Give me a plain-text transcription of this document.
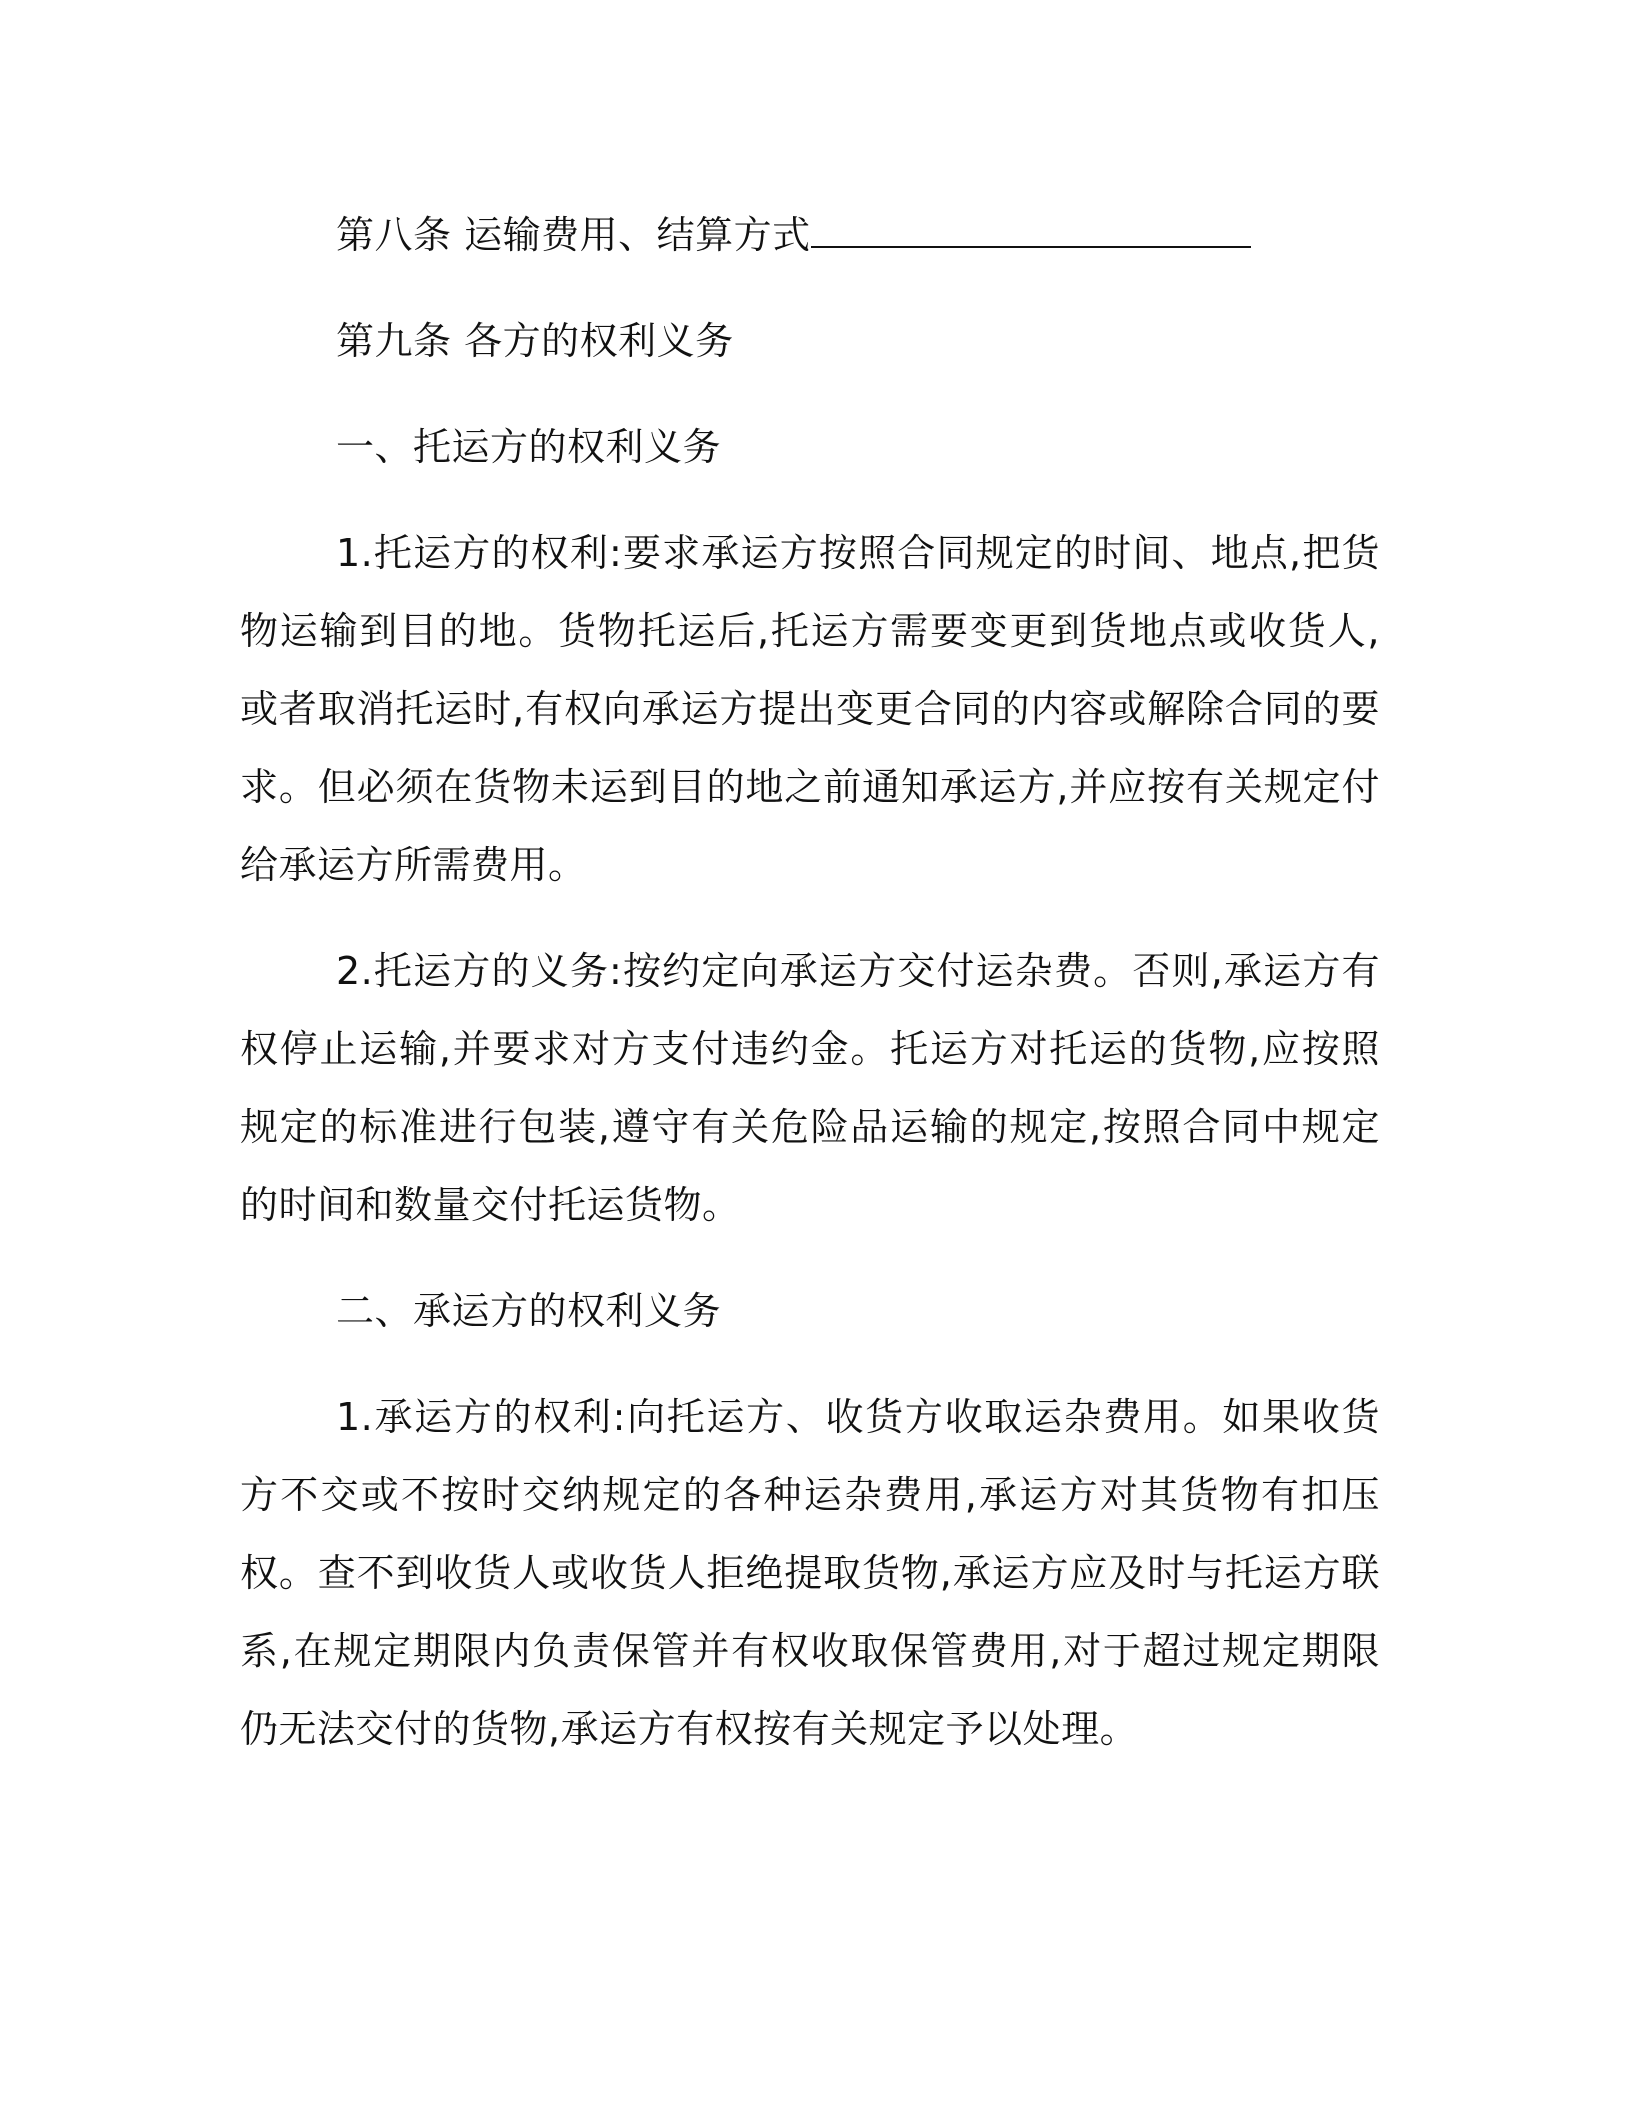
第八条 运输费用、结算方式

第九条 各方的权利义务

一、托运方的权利义务

1.托运方的权利:要求承运方按照合同规定的时间、地点,把货物运输到目的地。货物托运后,托运方需要变更到货地点或收货人,或者取消托运时,有权向承运方提出变更合同的内容或解除合同的要求。但必须在货物未运到目的地之前通知承运方,并应按有关规定付给承运方所需费用。

2.托运方的义务:按约定向承运方交付运杂费。否则,承运方有权停止运输,并要求对方支付违约金。托运方对托运的货物,应按照规定的标准进行包装,遵守有关危险品运输的规定,按照合同中规定的时间和数量交付托运货物。

二、承运方的权利义务

1.承运方的权利:向托运方、收货方收取运杂费用。如果收货方不交或不按时交纳规定的各种运杂费用,承运方对其货物有扣压权。查不到收货人或收货人拒绝提取货物,承运方应及时与托运方联系,在规定期限内负责保管并有权收取保管费用,对于超过规定期限仍无法交付的货物,承运方有权按有关规定予以处理。
